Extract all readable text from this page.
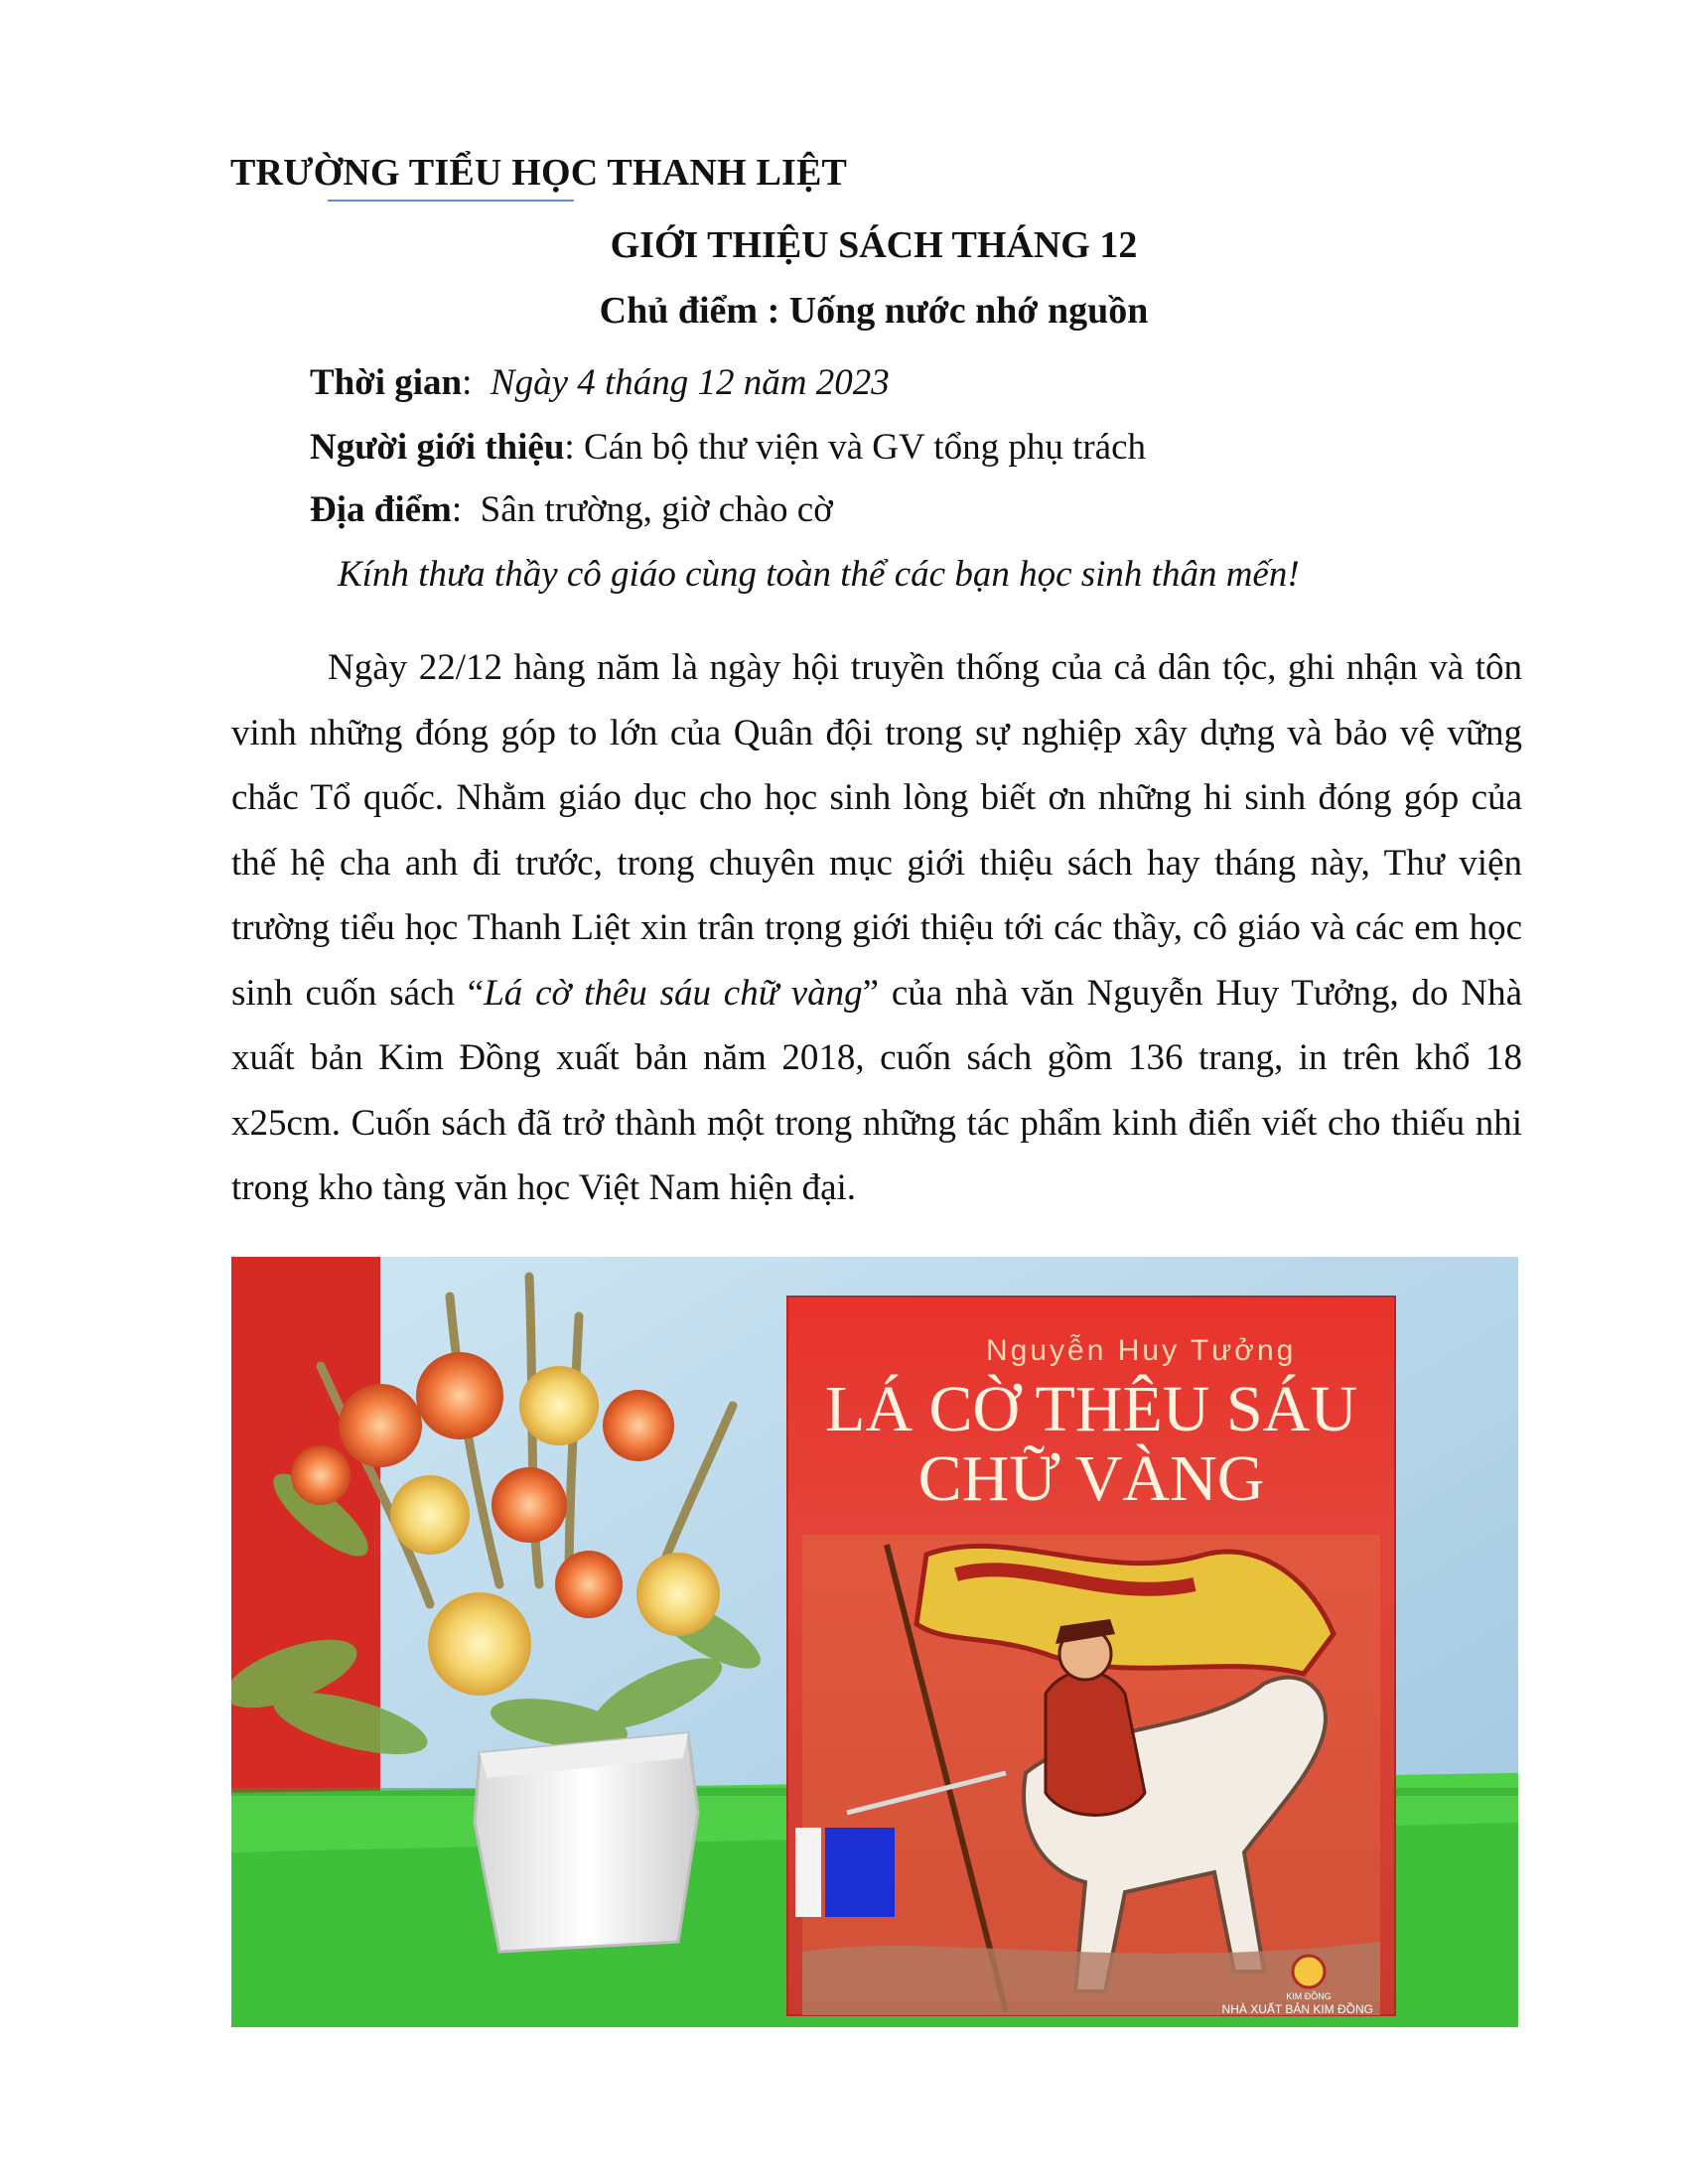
TRƯỜNG TIỂU HỌC THANH LIỆT
GIỚI THIỆU SÁCH THÁNG 12
Chủ điểm : Uống nước nhớ nguồn
Thời gian:  Ngày 4 tháng 12 năm 2023
Người giới thiệu: Cán bộ thư viện và GV tổng phụ trách
Địa điểm:  Sân trường, giờ chào cờ
Kính thưa thầy cô giáo cùng toàn thể các bạn học sinh thân mến!
Ngày 22/12 hàng năm là ngày hội truyền thống của cả dân tộc, ghi nhận và tôn vinh những đóng góp to lớn của Quân đội trong sự nghiệp xây dựng và bảo vệ vững chắc Tổ quốc. Nhằm giáo dục cho học sinh lòng biết ơn những hi sinh đóng góp của thế hệ cha anh đi trước, trong chuyên mục giới thiệu sách hay tháng này, Thư viện trường tiểu học Thanh Liệt xin trân trọng giới thiệu tới các thầy, cô giáo và các em học sinh cuốn sách “Lá cờ thêu sáu chữ vàng” của nhà văn Nguyễn Huy Tưởng, do Nhà xuất bản Kim Đồng xuất bản năm 2018, cuốn sách gồm 136 trang, in trên khổ 18 x25cm. Cuốn sách đã trở thành một trong những tác phẩm kinh điển viết cho thiếu nhi trong kho tàng văn học Việt Nam hiện đại.
Nguyễn Huy Tưởng
LÁ CỜ THÊU SÁU
CHỮ VÀNG
KIM ĐỒNG
NHÀ XUẤT BẢN KIM ĐỒNG
